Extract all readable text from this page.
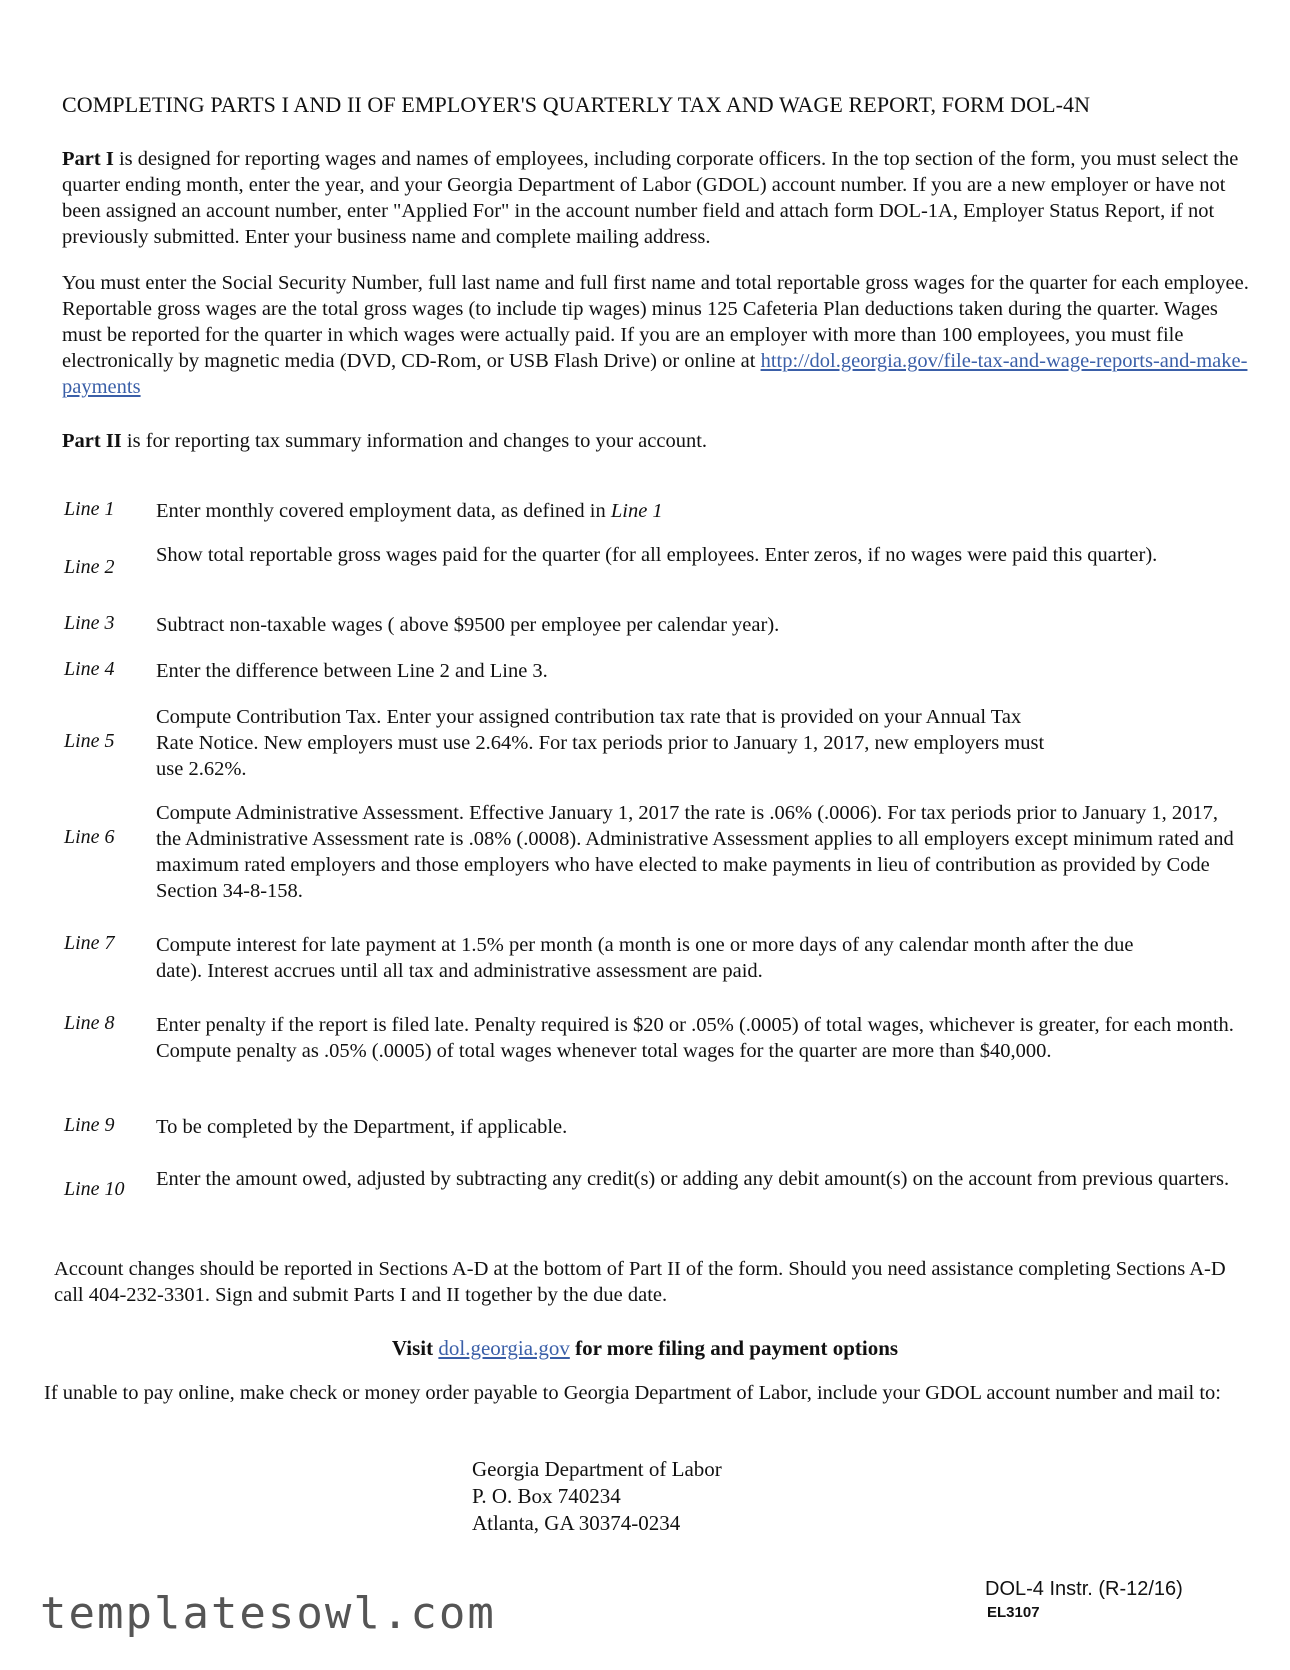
COMPLETING PARTS I AND II OF EMPLOYER'S QUARTERLY TAX AND WAGE REPORT, FORM DOL-4N
Part I is designed for reporting wages and names of employees, including corporate officers. In the top section of the form, you must select the quarter ending month, enter the year, and your Georgia Department of Labor (GDOL) account number. If you are a new employer or have not been assigned an account number, enter "Applied For" in the account number field and attach form DOL-1A, Employer Status Report, if not previously submitted. Enter your business name and complete mailing address.
You must enter the Social Security Number, full last name and full first name and total reportable gross wages for the quarter for each employee. Reportable gross wages are the total gross wages (to include tip wages) minus 125 Cafeteria Plan deductions taken during the quarter. Wages must be reported for the quarter in which wages were actually paid. If you are an employer with more than 100 employees, you must file electronically by magnetic media (DVD, CD-Rom, or USB Flash Drive) or online at http://dol.georgia.gov/file-tax-and-wage-reports-and-make-payments
Part II is for reporting tax summary information and changes to your account.
Line 1 Enter monthly covered employment data, as defined in Line 1
Line 2
Show total reportable gross wages paid for the quarter (for all employees. Enter zeros, if no wages were paid this quarter).
Line 3 Subtract non-taxable wages ( above $9500 per employee per calendar year).
Line 4 Enter the difference between Line 2 and Line 3.
Line 5
Compute Contribution Tax. Enter your assigned contribution tax rate that is provided on your Annual Tax Rate Notice. New employers must use 2.64%. For tax periods prior to January 1, 2017, new employers must use 2.62%.
Line 6
Compute Administrative Assessment. Effective January 1, 2017 the rate is .06% (.0006). For tax periods prior to January 1, 2017, the Administrative Assessment rate is .08% (.0008). Administrative Assessment applies to all employers except minimum rated and maximum rated employers and those employers who have elected to make payments in lieu of contribution as provided by Code Section 34-8-158.
Line 7 Compute interest for late payment at 1.5% per month (a month is one or more days of any calendar month after the due date). Interest accrues until all tax and administrative assessment are paid.
Line 8 Enter penalty if the report is filed late. Penalty required is $20 or .05% (.0005) of total wages, whichever is greater, for each month. Compute penalty as .05% (.0005) of total wages whenever total wages for the quarter are more than $40,000.
Line 9 To be completed by the Department, if applicable.
Line 10 Enter the amount owed, adjusted by subtracting any credit(s) or adding any debit amount(s) on the account from previous quarters.
Account changes should be reported in Sections A-D at the bottom of Part II of the form. Should you need assistance completing Sections A-D call 404-232-3301. Sign and submit Parts I and II together by the due date.
Visit dol.georgia.gov for more filing and payment options
If unable to pay online, make check or money order payable to Georgia Department of Labor, include your GDOL account number and mail to:
Georgia Department of Labor
P. O. Box 740234
Atlanta, GA 30374-0234
DOL-4 Instr. (R-12/16)
EL3107
templatesowl.com
